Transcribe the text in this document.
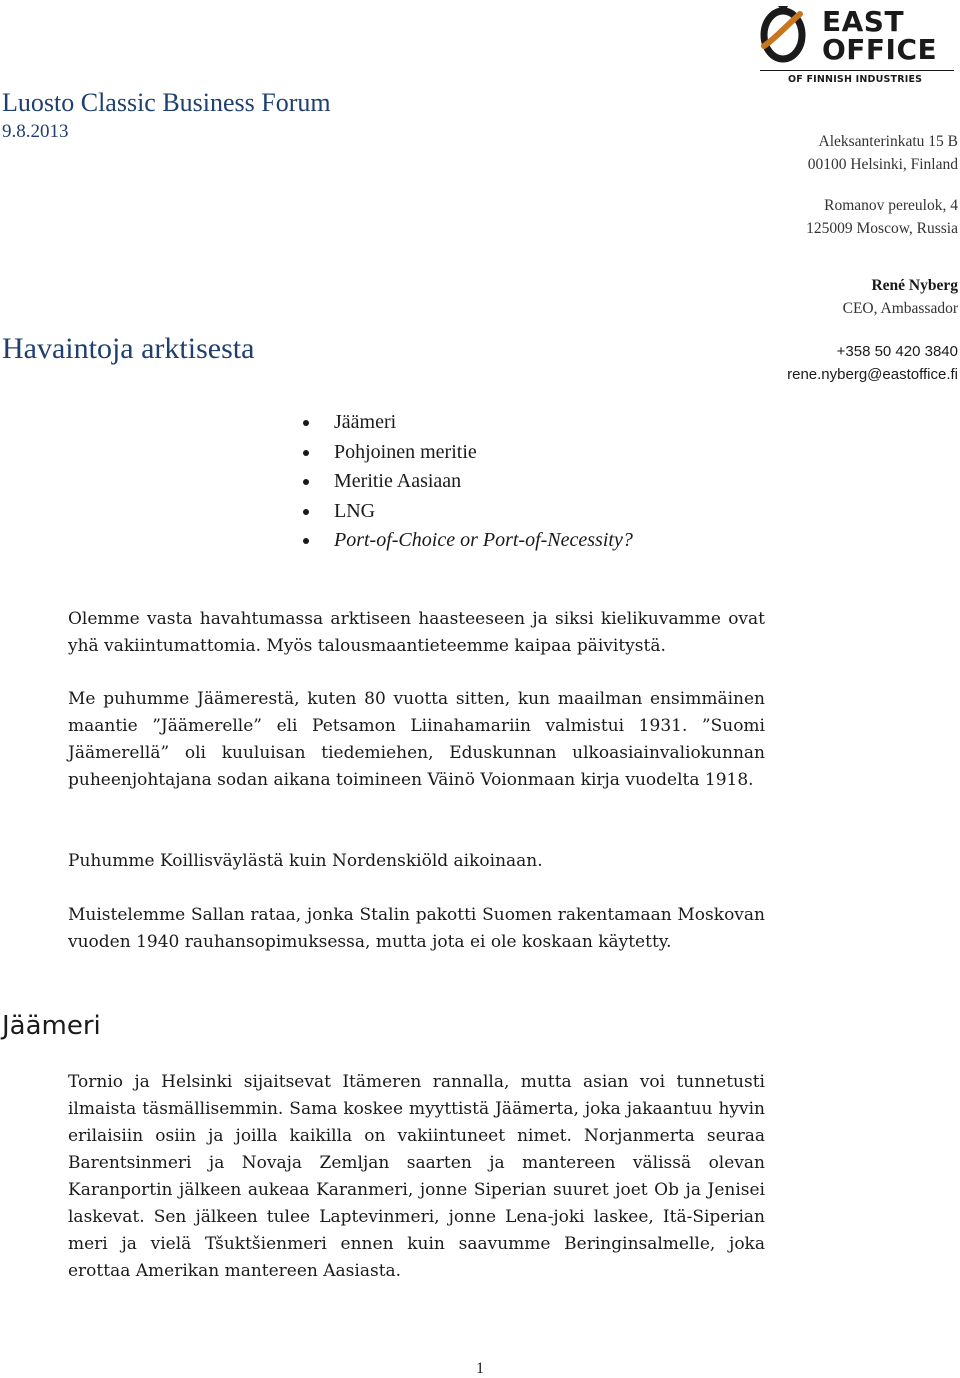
EAST
OFFICE
OF FINNISH INDUSTRIES
Luosto Classic Business Forum
9.8.2013
Havaintoja arktisesta
Aleksanterinkatu 15 B
00100 Helsinki, Finland
Romanov pereulok, 4
125009 Moscow, Russia
René Nyberg
CEO, Ambassador
+358 50 420 3840
rene.nyberg@eastoffice.fi
Jäämeri
Pohjoinen meritie
Meritie Aasiaan
LNG
Port-of-Choice or Port-of-Necessity?

Olemme vasta havahtumassa arktiseen haasteeseen ja siksi kielikuvamme ovat yhä vakiintumattomia. Myös talousmaantieteemme kaipaa päivitystä.

Me puhumme Jäämerestä, kuten 80 vuotta sitten, kun maailman ensimmäinen maantie ”Jäämerelle” eli Petsamon Liinahamariin valmistui 1931. ”Suomi Jäämerellä” oli kuuluisan tiedemiehen, Eduskunnan ulkoasiainvaliokunnan puheenjohtajana sodan aikana toimineen Väinö Voionmaan kirja vuodelta 1918.

Puhumme Koillisväylästä kuin Nordenskiöld aikoinaan.

Muistelemme Sallan rataa, jonka Stalin pakotti Suomen rakentamaan Moskovan vuoden 1940 rauhansopimuksessa, mutta jota ei ole koskaan käytetty.

Jäämeri

Tornio ja Helsinki sijaitsevat Itämeren rannalla, mutta asian voi tunnetusti ilmaista täsmällisemmin. Sama koskee myyttistä Jäämerta, joka jakaantuu hyvin erilaisiin osiin ja joilla kaikilla on vakiintuneet nimet. Norjanmerta seuraa Barentsinmeri ja Novaja Zemljan saarten ja mantereen välissä olevan Karanportin jälkeen aukeaa Karanmeri, jonne Siperian suuret joet Ob ja Jenisei laskevat. Sen jälkeen tulee Laptevinmeri, jonne Lena-joki laskee, Itä-Siperian meri ja vielä Tšuktšienmeri ennen kuin saavumme Beringinsalmelle, joka erottaa Amerikan mantereen Aasiasta.

1
